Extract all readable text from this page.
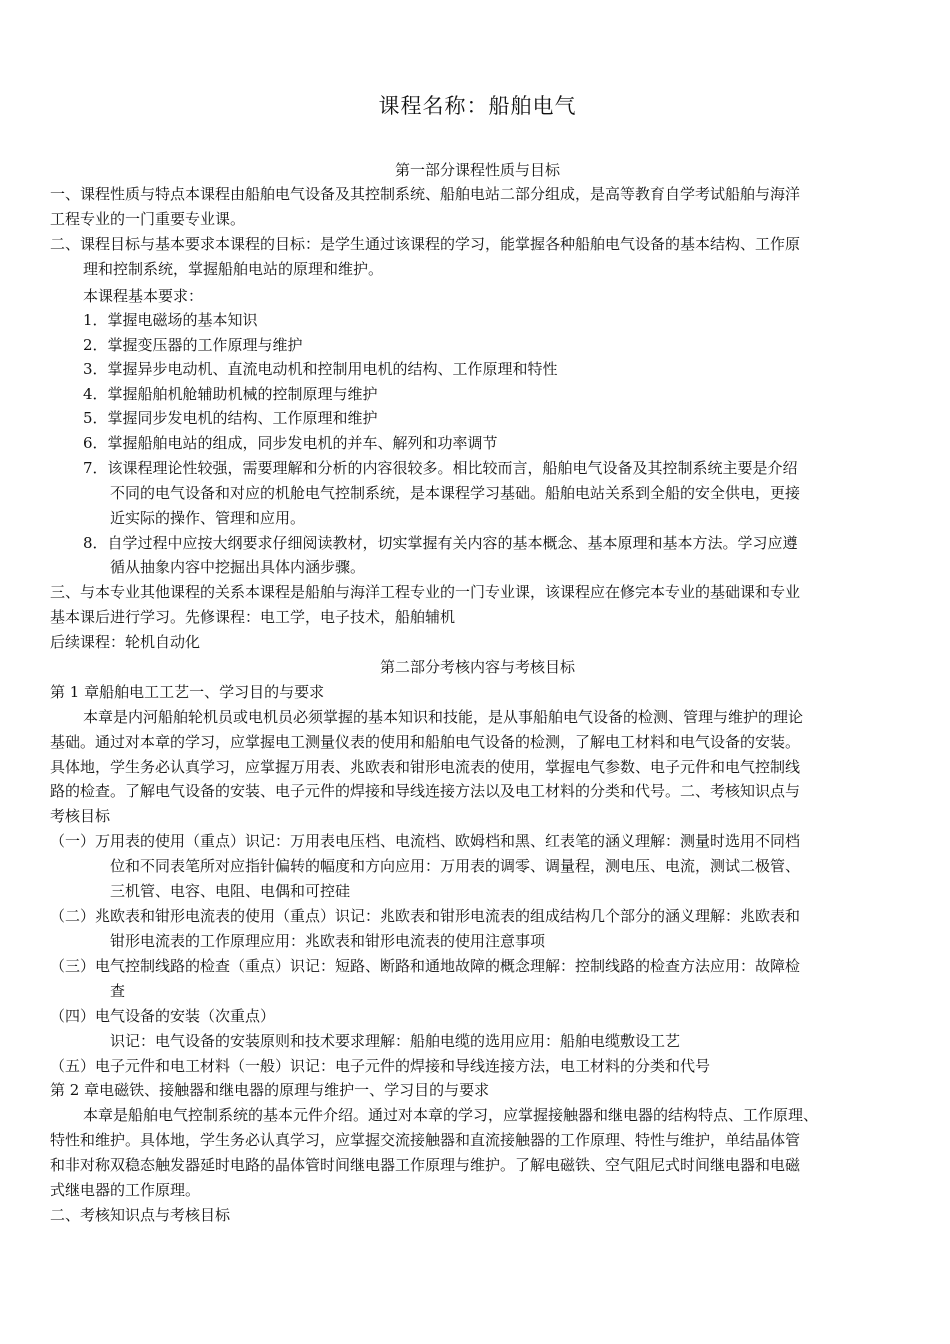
课程名称：船舶电气
第一部分课程性质与目标
一、课程性质与特点本课程由船舶电气设备及其控制系统、船舶电站二部分组成，是高等教育自学考试船舶与海洋
工程专业的一门重要专业课。
二、课程目标与基本要求本课程的目标：是学生通过该课程的学习，能掌握各种船舶电气设备的基本结构、工作原
理和控制系统，掌握船舶电站的原理和维护。
本课程基本要求：
1．掌握电磁场的基本知识
2．掌握变压器的工作原理与维护
3．掌握异步电动机、直流电动机和控制用电机的结构、工作原理和特性
4．掌握船舶机舱辅助机械的控制原理与维护
5．掌握同步发电机的结构、工作原理和维护
6．掌握船舶电站的组成，同步发电机的并车、解列和功率调节
7．该课程理论性较强，需要理解和分析的内容很较多。相比较而言，船舶电气设备及其控制系统主要是介绍
不同的电气设备和对应的机舱电气控制系统，是本课程学习基础。船舶电站关系到全船的安全供电，更接
近实际的操作、管理和应用。
8．自学过程中应按大纲要求仔细阅读教材，切实掌握有关内容的基本概念、基本原理和基本方法。学习应遵
循从抽象内容中挖掘出具体内涵步骤。
三、与本专业其他课程的关系本课程是船舶与海洋工程专业的一门专业课，该课程应在修完本专业的基础课和专业
基本课后进行学习。先修课程：电工学，电子技术，船舶辅机
后续课程：轮机自动化
第二部分考核内容与考核目标
第 1 章船舶电工工艺一、学习目的与要求
本章是内河船舶轮机员或电机员必须掌握的基本知识和技能，是从事船舶电气设备的检测、管理与维护的理论
基础。通过对本章的学习，应掌握电工测量仪表的使用和船舶电气设备的检测，了解电工材料和电气设备的安装。
具体地，学生务必认真学习，应掌握万用表、兆欧表和钳形电流表的使用，掌握电气参数、电子元件和电气控制线
路的检查。了解电气设备的安装、电子元件的焊接和导线连接方法以及电工材料的分类和代号。二、考核知识点与
考核目标
（一）万用表的使用（重点）识记：万用表电压档、电流档、欧姆档和黑、红表笔的涵义理解：测量时选用不同档
位和不同表笔所对应指针偏转的幅度和方向应用：万用表的调零、调量程，测电压、电流，测试二极管、
三机管、电容、电阻、电偶和可控硅
（二）兆欧表和钳形电流表的使用（重点）识记：兆欧表和钳形电流表的组成结构几个部分的涵义理解：兆欧表和
钳形电流表的工作原理应用：兆欧表和钳形电流表的使用注意事项
（三）电气控制线路的检查（重点）识记：短路、断路和通地故障的概念理解：控制线路的检查方法应用：故障检
查
（四）电气设备的安装（次重点）
识记：电气设备的安装原则和技术要求理解：船舶电缆的选用应用：船舶电缆敷设工艺
（五）电子元件和电工材料（一般）识记：电子元件的焊接和导线连接方法，电工材料的分类和代号
第 2 章电磁铁、接触器和继电器的原理与维护一、学习目的与要求
本章是船舶电气控制系统的基本元件介绍。通过对本章的学习，应掌握接触器和继电器的结构特点、工作原理、
特性和维护。具体地，学生务必认真学习，应掌握交流接触器和直流接触器的工作原理、特性与维护，单结晶体管
和非对称双稳态触发器延时电路的晶体管时间继电器工作原理与维护。了解电磁铁、空气阻尼式时间继电器和电磁
式继电器的工作原理。
二、考核知识点与考核目标
